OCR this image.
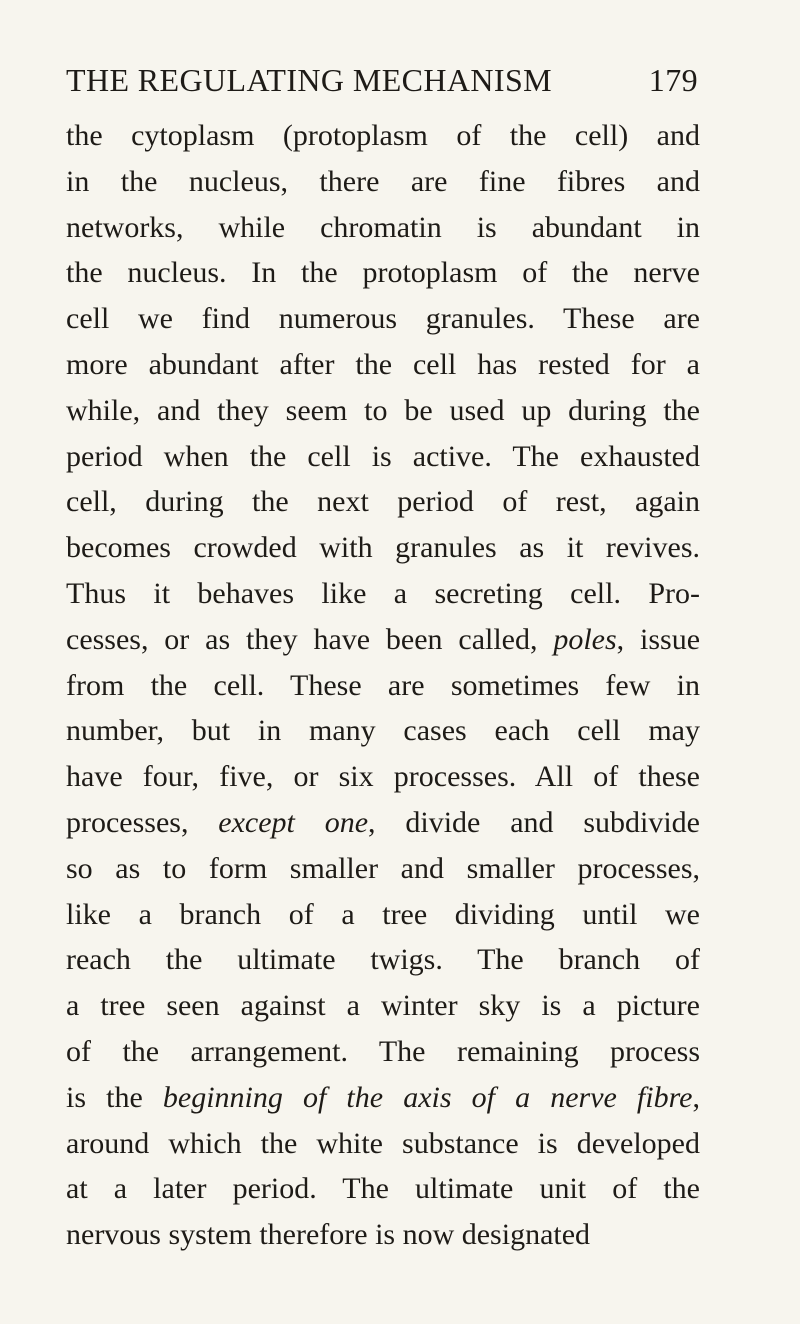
THE REGULATING MECHANISM	179
the cytoplasm (protoplasm of the cell) and
in the nucleus, there are fine fibres and
networks, while chromatin is abundant in
the nucleus. In the protoplasm of the nerve
cell we find numerous granules. These are
more abundant after the cell has rested for a
while, and they seem to be used up during the
period when the cell is active. The exhausted
cell, during the next period of rest, again
becomes crowded with granules as it revives.
Thus it behaves like a secreting cell. Pro-
cesses, or as they have been called, poles, issue
from the cell. These are sometimes few in
number, but in many cases each cell may
have four, five, or six processes. All of these
processes, except one, divide and subdivide
so as to form smaller and smaller processes,
like a branch of a tree dividing until we
reach the ultimate twigs. The branch of
a tree seen against a winter sky is a picture
of the arrangement. The remaining process
is the beginning of the axis of a nerve fibre,
around which the white substance is developed
at a later period. The ultimate unit of the
nervous system therefore is now designated
